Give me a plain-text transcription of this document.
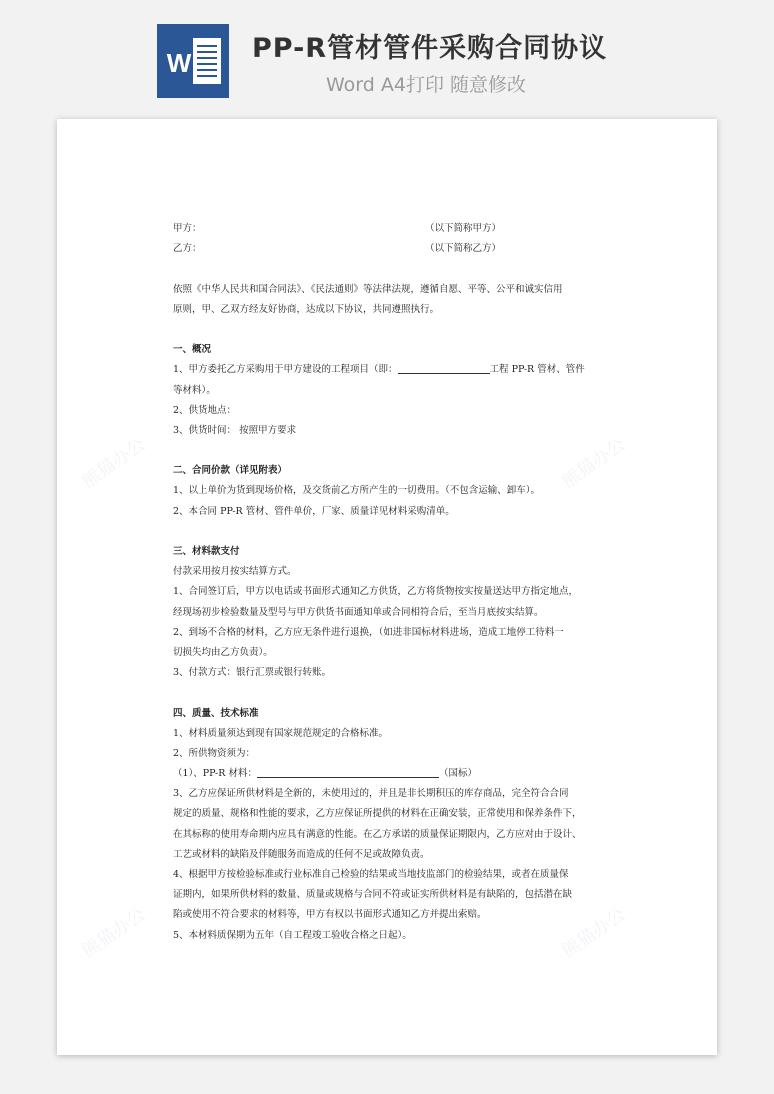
W PP-R管材管件采购合同协议
Word A4打印 随意修改
熊猫办公	熊猫办公
熊猫办公	熊猫办公
甲方：	（以下简称甲方）
乙方：	（以下简称乙方）
依照《中华人民共和国合同法》、《民法通则》等法律法规，遵循自愿、平等、公平和诚实信用
原则，甲、乙双方经友好协商，达成以下协议，共同遵照执行。
一、概况
1、甲方委托乙方采购用于甲方建设的工程项目（即：	工程 PP-R 管材、管件
等材料）。
2、供货地点：
3、供货时间： 按照甲方要求
二、合同价款（详见附表）
1、以上单价为货到现场价格，及交货前乙方所产生的一切费用。（不包含运输、卸车）。
2、本合同 PP-R 管材、管件单价，厂家、质量详见材料采购清单。
三、材料款支付
付款采用按月按实结算方式。
1、合同签订后，甲方以电话或书面形式通知乙方供货，乙方将货物按实按量送达甲方指定地点，
经现场初步检验数量及型号与甲方供货书面通知单或合同相符合后，至当月底按实结算。
2、到场不合格的材料，乙方应无条件进行退换，（如进非国标材料进场，造成工地停工待料一
切损失均由乙方负责）。
3、付款方式：银行汇票或银行转账。
四、质量、技术标准
1、材料质量须达到现有国家规范规定的合格标准。
2、所供物资须为：
（1）、PP-R 材料：	（国标）
3、乙方应保证所供材料是全新的，未使用过的，并且是非长期积压的库存商品，完全符合合同
规定的质量、规格和性能的要求，乙方应保证所提供的材料在正确安装，正常使用和保养条件下，
在其标称的使用寿命期内应具有满意的性能。在乙方承诺的质量保证期限内，乙方应对由于设计、
工艺或材料的缺陷及伴随服务而造成的任何不足或故障负责。
4、根据甲方按检验标准或行业标准自己检验的结果或当地技监部门的检验结果，或者在质量保
证期内，如果所供材料的数量、质量或规格与合同不符或证实所供材料是有缺陷的，包括潜在缺
陷或使用不符合要求的材料等，甲方有权以书面形式通知乙方并提出索赔。
5、本材料质保期为五年（自工程竣工验收合格之日起）。
